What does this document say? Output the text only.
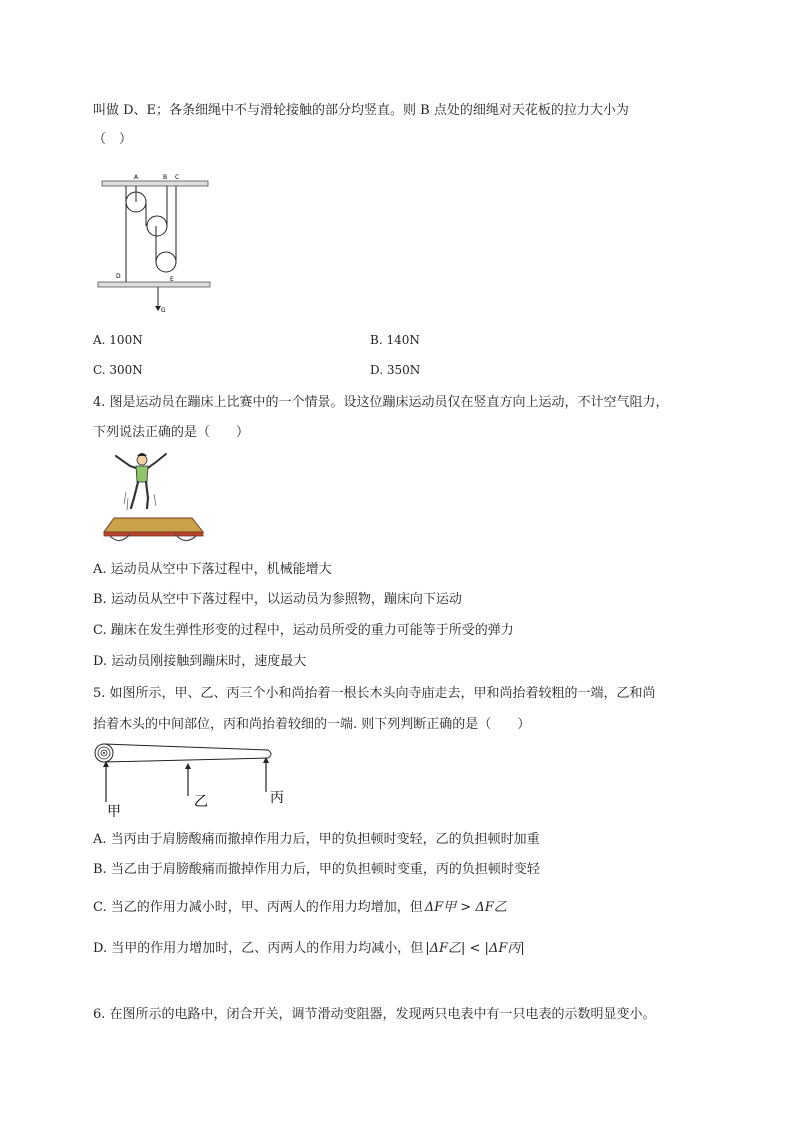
叫做 D、E；各条细绳中不与滑轮接触的部分均竖直。则 B 点处的细绳对天花板的拉力大小为
（　）
A	B C
D	E
G
A. 100N	B. 140N
C. 300N	D. 350N
4. 图是运动员在蹦床上比赛中的一个情景。设这位蹦床运动员仅在竖直方向上运动，不计空气阻力，
下列说法正确的是（　　）
A. 运动员从空中下落过程中，机械能增大
B. 运动员从空中下落过程中，以运动员为参照物，蹦床向下运动
C. 蹦床在发生弹性形变的过程中，运动员所受的重力可能等于所受的弹力
D. 运动员刚接触到蹦床时，速度最大
5. 如图所示，甲、乙、丙三个小和尚抬着一根长木头向寺庙走去，甲和尚抬着较粗的一端，乙和尚
抬着木头的中间部位，丙和尚抬着较细的一端. 则下列判断正确的是（　　）
甲
乙	丙
A. 当丙由于肩膀酸痛而撤掉作用力后，甲的负担顿时变轻，乙的负担顿时加重
B. 当乙由于肩膀酸痛而撤掉作用力后，甲的负担顿时变重，丙的负担顿时变轻
C. 当乙的作用力减小时，甲、丙两人的作用力均增加，但 ΔF甲 > ΔF乙
D. 当甲的作用力增加时，乙、丙两人的作用力均减小，但 |ΔF乙| < |ΔF丙|
6. 在图所示的电路中，闭合开关，调节滑动变阻器，发现两只电表中有一只电表的示数明显变小。
